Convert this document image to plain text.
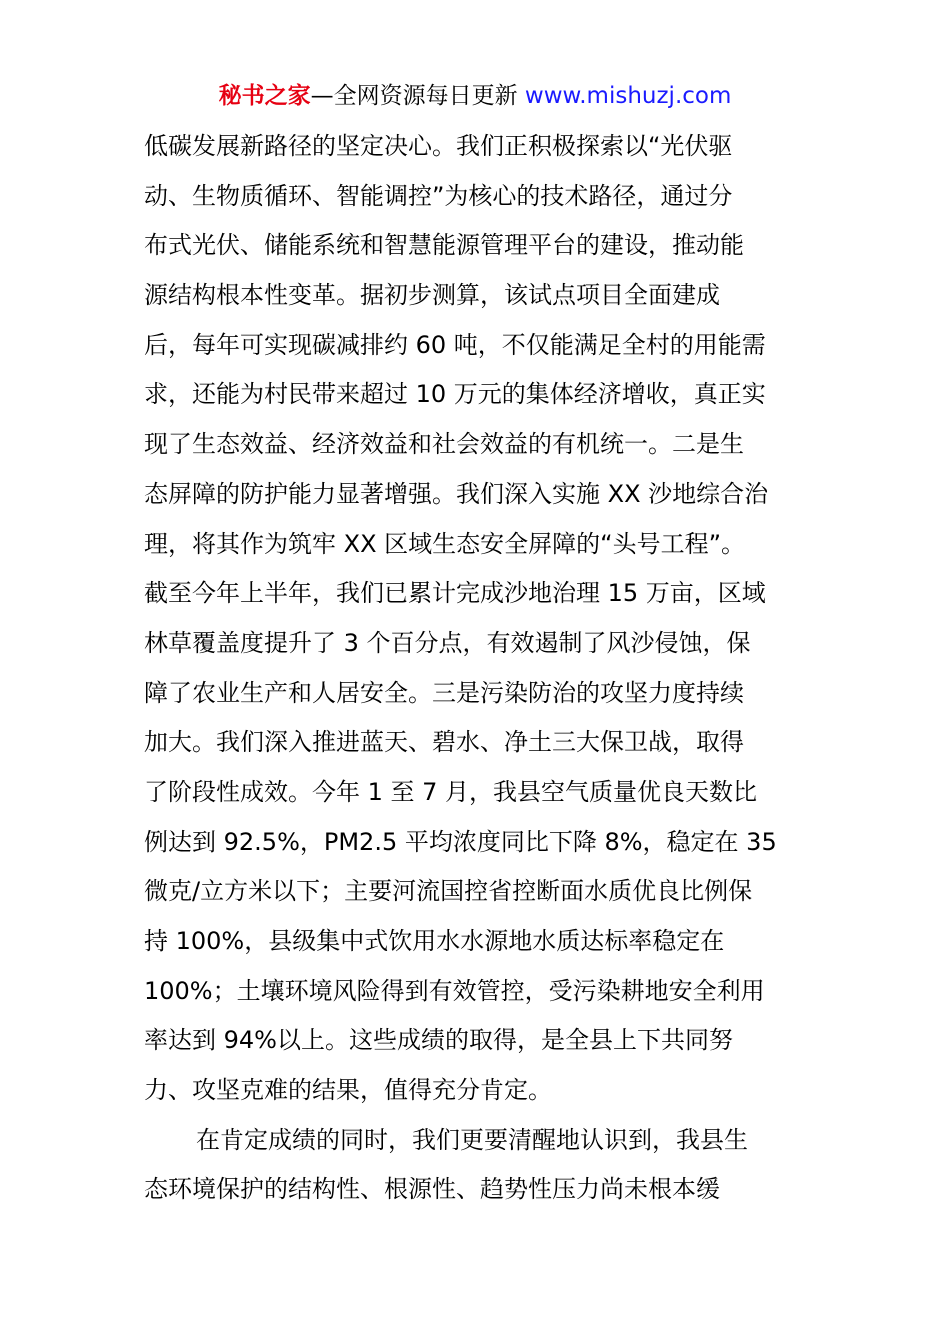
秘书之家—全网资源每日更新 www.mishuzj.com
低碳发展新路径的坚定决心。我们正积极探索以“光伏驱
动、生物质循环、智能调控”为核心的技术路径，通过分
布式光伏、储能系统和智慧能源管理平台的建设，推动能
源结构根本性变革。据初步测算，该试点项目全面建成
后，每年可实现碳减排约 60 吨，不仅能满足全村的用能需
求，还能为村民带来超过 10 万元的集体经济增收，真正实
现了生态效益、经济效益和社会效益的有机统一。二是生
态屏障的防护能力显著增强。我们深入实施 XX 沙地综合治
理，将其作为筑牢 XX 区域生态安全屏障的“头号工程”。
截至今年上半年，我们已累计完成沙地治理 15 万亩，区域
林草覆盖度提升了 3 个百分点，有效遏制了风沙侵蚀，保
障了农业生产和人居安全。三是污染防治的攻坚力度持续
加大。我们深入推进蓝天、碧水、净土三大保卫战，取得
了阶段性成效。今年 1 至 7 月，我县空气质量优良天数比
例达到 92.5%，PM2.5 平均浓度同比下降 8%，稳定在 35
微克/立方米以下；主要河流国控省控断面水质优良比例保
持 100%，县级集中式饮用水水源地水质达标率稳定在
100%；土壤环境风险得到有效管控，受污染耕地安全利用
率达到 94%以上。这些成绩的取得，是全县上下共同努
力、攻坚克难的结果，值得充分肯定。
在肯定成绩的同时，我们更要清醒地认识到，我县生
态环境保护的结构性、根源性、趋势性压力尚未根本缓
